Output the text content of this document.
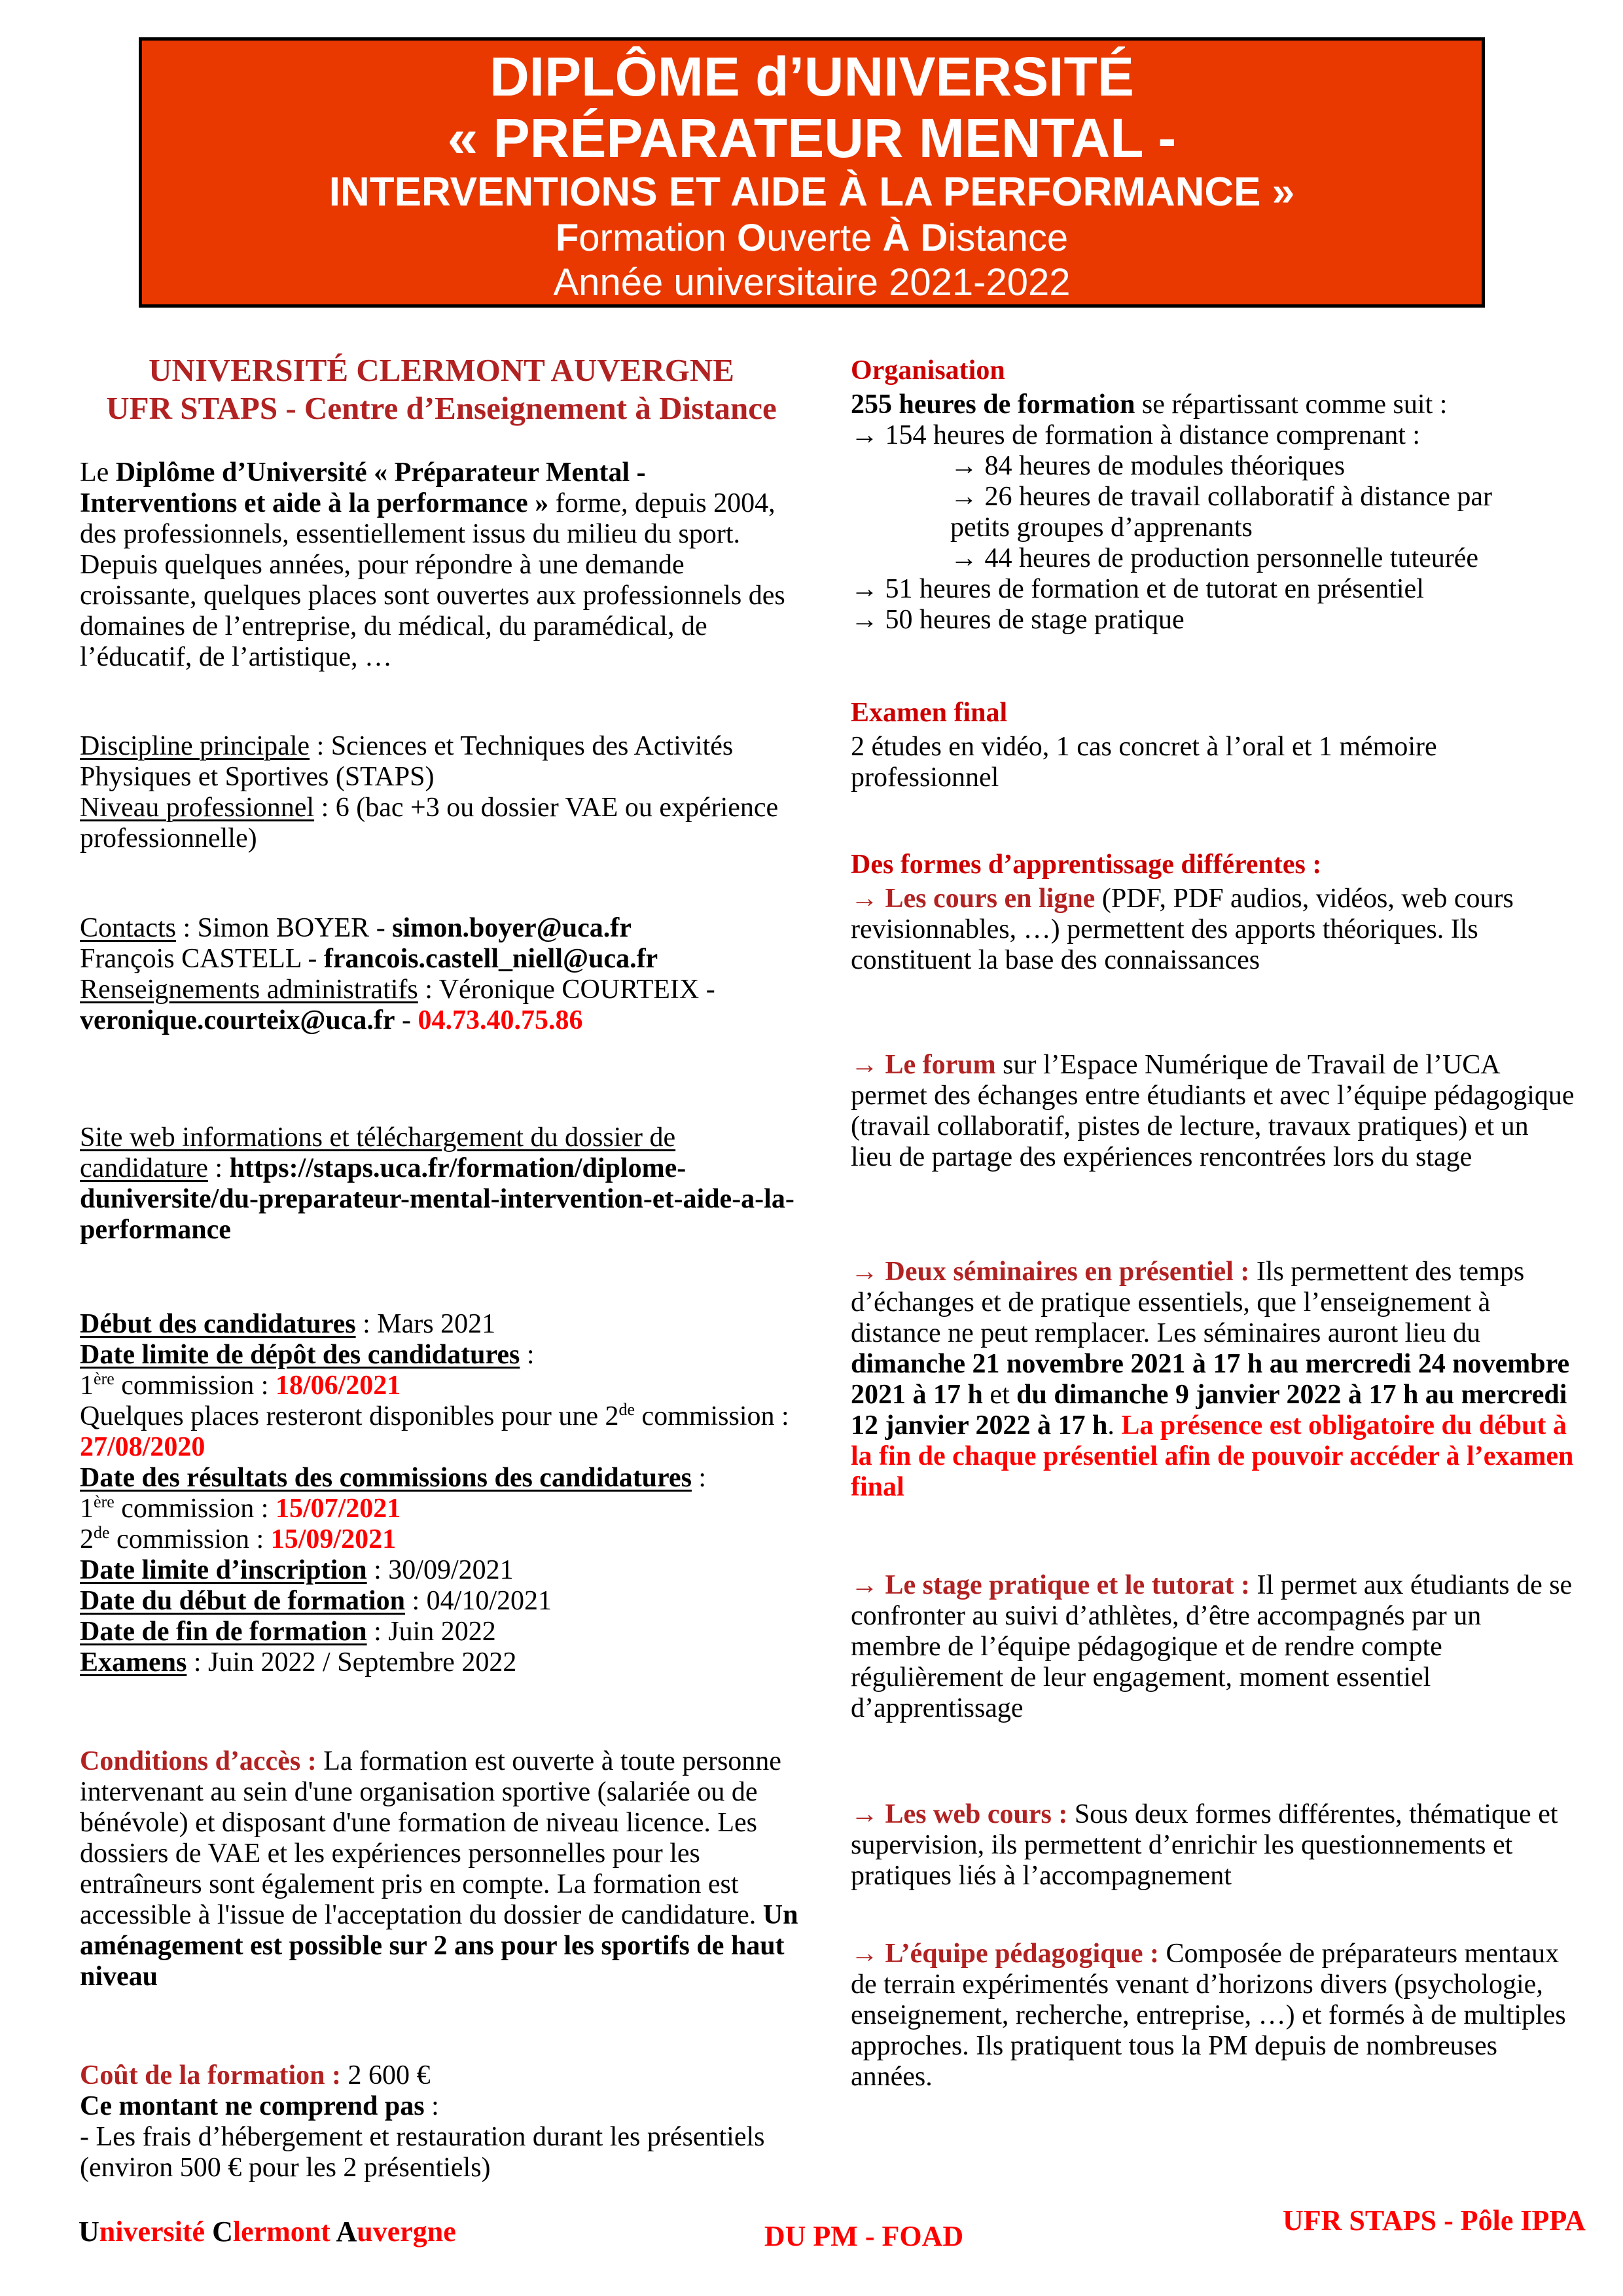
DIPLÔME d’UNIVERSITÉ
« PRÉPARATEUR MENTAL -
INTERVENTIONS ET AIDE À LA PERFORMANCE »
Formation Ouverte À Distance
Année universitaire 2021-2022
UNIVERSITÉ CLERMONT AUVERGNE
UFR STAPS - Centre d’Enseignement à Distance
Le Diplôme d’Université « Préparateur Mental - Interventions et aide à la performance » forme, depuis 2004, des professionnels, essentiellement issus du milieu du sport. Depuis quelques années, pour répondre à une demande croissante, quelques places sont ouvertes aux professionnels des domaines de l’entreprise, du médical, du paramédical, de l’éducatif, de l’artistique, …
Discipline principale : Sciences et Techniques des Activités Physiques et Sportives (STAPS)
Niveau professionnel : 6 (bac +3 ou dossier VAE ou expérience professionnelle)
Contacts : Simon BOYER - simon.boyer@uca.fr
François CASTELL - francois.castell_niell@uca.fr
Renseignements administratifs : Véronique COURTEIX - veronique.courteix@uca.fr - 04.73.40.75.86
Site web informations et téléchargement du dossier de candidature : https://staps.uca.fr/formation/diplome-duniversite/du-preparateur-mental-intervention-et-aide-a-la-performance
Début des candidatures : Mars 2021
Date limite de dépôt des candidatures :
1ère commission : 18/06/2021
Quelques places resteront disponibles pour une 2de commission : 27/08/2020
Date des résultats des commissions des candidatures :
1ère commission : 15/07/2021
2de commission : 15/09/2021
Date limite d’inscription : 30/09/2021
Date du début de formation : 04/10/2021
Date de fin de formation : Juin 2022
Examens : Juin 2022 / Septembre 2022
Conditions d’accès : La formation est ouverte à toute personne intervenant au sein d'une organisation sportive (salariée ou de bénévole) et disposant d'une formation de niveau licence. Les dossiers de VAE et les expériences personnelles pour les entraîneurs sont également pris en compte. La formation est accessible à l'issue de l'acceptation du dossier de candidature. Un aménagement est possible sur 2 ans pour les sportifs de haut niveau
Coût de la formation : 2 600 €
Ce montant ne comprend pas :
- Les frais d’hébergement et restauration durant les présentiels (environ 500 € pour les 2 présentiels)
Organisation
255 heures de formation se répartissant comme suit :
→ 154 heures de formation à distance comprenant :
→ 84 heures de modules théoriques
→ 26 heures de travail collaboratif à distance par
petits groupes d’apprenants
→ 44 heures de production personnelle tuteurée
→ 51 heures de formation et de tutorat en présentiel
→ 50 heures de stage pratique
Examen final
2 études en vidéo, 1 cas concret à l’oral et 1 mémoire professionnel
Des formes d’apprentissage différentes :
→ Les cours en ligne (PDF, PDF audios, vidéos, web cours revisionnables, …) permettent des apports théoriques. Ils constituent la base des connaissances
→ Le forum sur l’Espace Numérique de Travail de l’UCA permet des échanges entre étudiants et avec l’équipe pédagogique (travail collaboratif, pistes de lecture, travaux pratiques) et un lieu de partage des expériences rencontrées lors du stage
→ Deux séminaires en présentiel : Ils permettent des temps d’échanges et de pratique essentiels, que l’enseignement à distance ne peut remplacer. Les séminaires auront lieu du dimanche 21 novembre 2021 à 17 h au mercredi 24 novembre 2021 à 17 h et du dimanche 9 janvier 2022 à 17 h au mercredi 12 janvier 2022 à 17 h. La présence est obligatoire du début à la fin de chaque présentiel afin de pouvoir accéder à l’examen final
→ Le stage pratique et le tutorat : Il permet aux étudiants de se confronter au suivi d’athlètes, d’être accompagnés par un membre de l’équipe pédagogique et de rendre compte régulièrement de leur engagement, moment essentiel d’apprentissage
→ Les web cours : Sous deux formes différentes, thématique et supervision, ils permettent d’enrichir les questionnements et pratiques liés à l’accompagnement
→ L’équipe pédagogique : Composée de préparateurs mentaux de terrain expérimentés venant d’horizons divers (psychologie, enseignement, recherche, entreprise, …) et formés à de multiples approches. Ils pratiquent tous la PM depuis de nombreuses années.
Université Clermont Auvergne	DU PM - FOAD	UFR STAPS - Pôle IPPA
